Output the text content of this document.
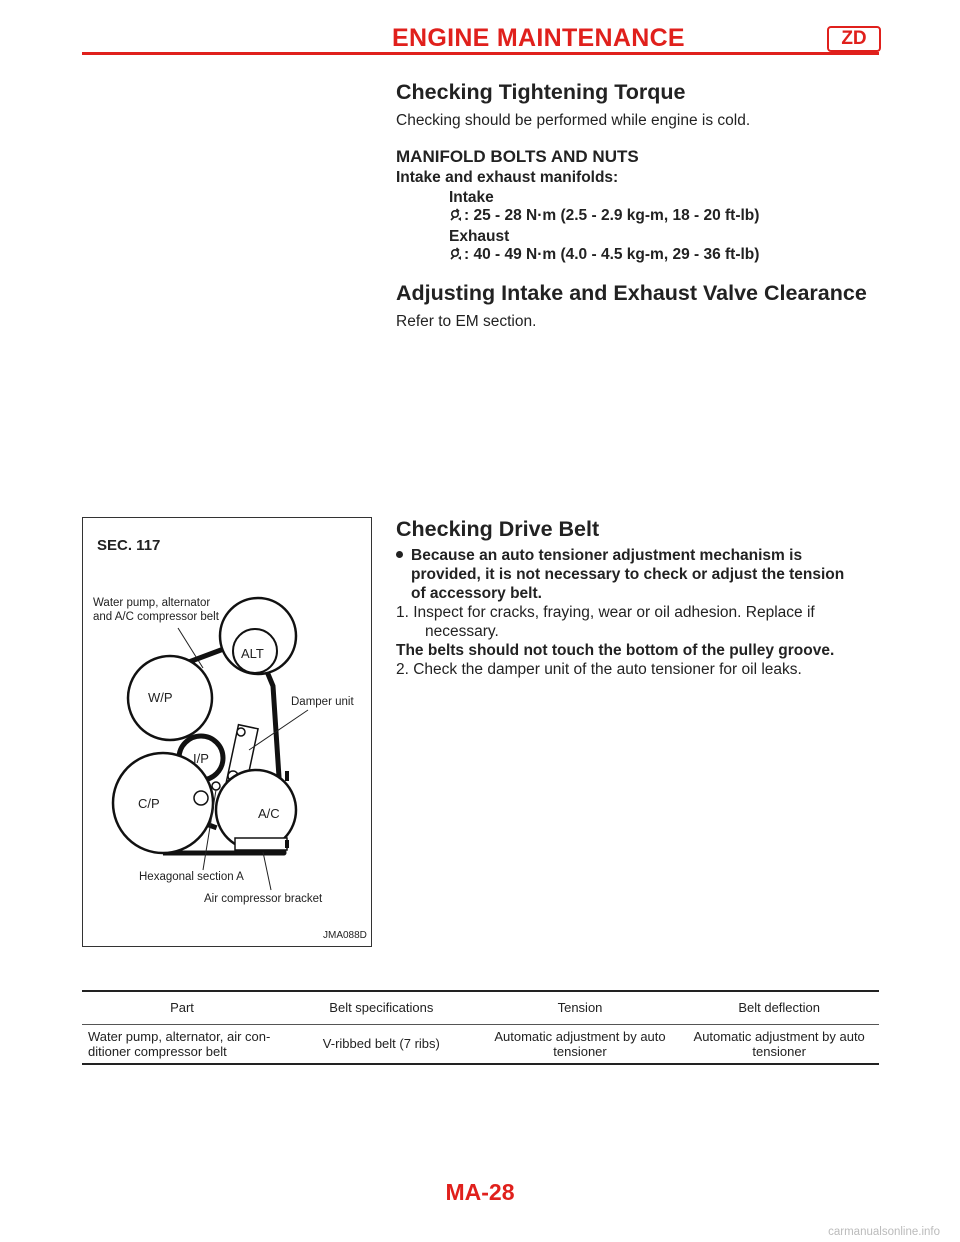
ENGINE MAINTENANCE	ZD
Checking Tightening Torque
Checking should be performed while engine is cold.
MANIFOLD BOLTS AND NUTS
Intake and exhaust manifolds:
Intake
: 25 - 28 N·m (2.5 - 2.9 kg-m, 18 - 20 ft-lb)
Exhaust
: 40 - 49 N·m (4.0 - 4.5 kg-m, 29 - 36 ft-lb)
Adjusting Intake and Exhaust Valve Clearance
Refer to EM section.
Checking Drive Belt
Because an auto tensioner adjustment mechanism is
provided, it is not necessary to check or adjust the tension
of accessory belt.
1. Inspect for cracks, fraying, wear or oil adhesion. Replace if
necessary.
The belts should not touch the bottom of the pulley groove.
2. Check the damper unit of the auto tensioner for oil leaks.
SEC. 117
Water pump, alternator
and A/C compressor belt
ALT
W/P
I/P
C/P
A/C
Damper unit
Hexagonal section A
Air compressor bracket
JMA088D
Part	Belt specifications	Tension	Belt deflection
Water pump, alternator, air con-
ditioner compressor belt	V-ribbed belt (7 ribs)	Automatic adjustment by auto
tensioner	Automatic adjustment by auto
tensioner
MA-28
carmanualsonline.info
